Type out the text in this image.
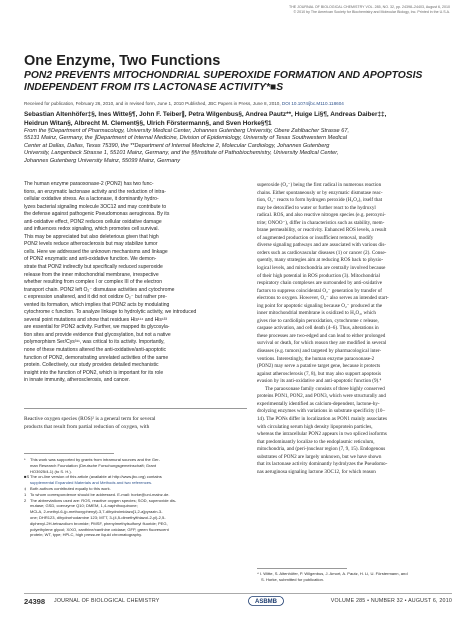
THE JOURNAL OF BIOLOGICAL CHEMISTRY VOL. 285, NO. 32, pp. 24398–24403, August 6, 2010
© 2010 by The American Society for Biochemistry and Molecular Biology, Inc. Printed in the U.S.A.
One Enzyme, Two Functions
PON2 PREVENTS MITOCHONDRIAL SUPEROXIDE FORMATION AND APOPTOSIS
INDEPENDENT FROM ITS LACTONASE ACTIVITY*■S
Received for publication, February 26, 2010, and in revised form, June 1, 2010 Published, JBC Papers in Press, June 8, 2010, DOI 10.1074/jbc.M110.118604
Sebastian Altenhöfer‡§, Ines Witte§¶, John F. Teiber∥, Petra Wilgenbus§, Andrea Pautz**, Huige Li§¶, Andreas Daiber‡‡,
Heidrun Witan§, Albrecht M. Clement§§, Ulrich Förstermann§, and Sven Horke§¶1
From the §Department of Pharmacology, University Medical Center, Johannes Gutenberg University, Obere Zahlbacher Strasse 67,
55131 Mainz, Germany, the ∥Department of Internal Medicine, Division of Epidemiology, University of Texas Southwestern Medical
Center at Dallas, Dallas, Texas 75390, the **Department of Internal Medicine 2, Molecular Cardiology, Johannes Gutenberg
University, Langenbeck Strasse 1, 55101 Mainz, Germany, and the §§Institute of Pathobiochemistry, University Medical Center,
Johannes Gutenberg University Mainz, 55099 Mainz, Germany
The human enzyme paraoxonase-2 (PON2) has two func-
tions, an enzymatic lactonase activity and the reduction of intra-
cellular oxidative stress. As a lactonase, it dominantly hydro-
lyzes bacterial signaling molecule 3OC12 and may contribute to
the defense against pathogenic Pseudomonas aeruginosa. By its
anti-oxidative effect, PON2 reduces cellular oxidative damage
and influences redox signaling, which promotes cell survival.
This may be appreciated but also deleterious given that high
PON2 levels reduce atherosclerosis but may stabilize tumor
cells. Here we addressed the unknown mechanisms and linkage
of PON2 enzymatic and anti-oxidative function. We demon-
strate that PON2 indirectly but specifically reduced superoxide
release from the inner mitochondrial membrane, irrespective
whether resulting from complex I or complex III of the electron
transport chain. PON2 left O₂⁻ dismutase activities and cytochrome
c expression unaltered, and it did not oxidize O₂⁻ but rather pre-
vented its formation, which implies that PON2 acts by modulating
cytochrome c function. To analyze linkage to hydrolytic activity, we introduced
several point mutations and show that residues His¹¹⁴ and His¹³³
are essential for PON2 activity. Further, we mapped its glycosyla-
tion sites and provide evidence that glycosylation, but not a native
polymorphism Ser/Cys³¹¹, was critical to its activity. Importantly,
none of these mutations altered the anti-oxidative/anti-apoptotic
function of PON2, demonstrating unrelated activities of the same
protein. Collectively, our study provides detailed mechanistic
insight into the function of PON2, which is important for its role
in innate immunity, atherosclerosis, and cancer.
Reactive oxygen species (ROS)² is a general term for several
products that result from partial reduction of oxygen, with
* This work was supported by grants from intramural sources and the Ger-
man Research Foundation (Deutsche Forschungsgemeinschaft; Grant
HO3925/4-1) (to S. H.).
■S The on-line version of this article (available at http://www.jbc.org) contains
supplemental Expanded Materials and Methods and two references.
‡ Both authors contributed equally to this work.
1 To whom correspondence should be addressed. E-mail: horke@uni-mainz.de.
2 The abbreviations used are: ROS, reactive oxygen species; SOD, superoxide dis-
mutase; GSD, coenzyme Q10; DMEM, 1,4-naphthoquinone;
MCLA, 2-methyl-6-(p-methoxyphenyl)-3,7-dihydroimidazo[1,2-a]pyrazin-3-
one; DHR123, dihydrorhodamine 123; MTT, 3-(4,5-dimethylthiazol-2-yl)-2,5-
diphenyl-2H-tetrazolium bromide; PMSF, phenylmethylsulfonyl fluoride; PEG,
polyethylene glycol; X/XO, xanthine/xanthine oxidase; GFP, green fluorescent
protein; WT, type; HPLC, high pressure liquid chromatography.
superoxide (O₂⁻) being the first radical in numerous reaction
chains. Either spontaneously or by enzymatic dismutase reac-
tion, O₂⁻ reacts to form hydrogen peroxide (H₂O₂), itself that
may be detoxified to water or further react to the hydroxyl
radical. ROS, and also reactive nitrogen species (e.g. peroxyni-
trite; ONOO⁻), differ in characteristics such as stability, mem-
brane permeability, or reactivity. Enhanced ROS levels, a result
of augmented production or insufficient removal, modify
diverse signaling pathways and are associated with various dis-
orders such as cardiovascular diseases (1) or cancer (2). Conse-
quently, many strategies aim at reducing ROS back to physio-
logical levels, and mitochondria are centrally involved because
of their high potential in ROS production (3). Mitochondrial
respiratory chain complexes are surrounded by anti-oxidative
factors to suppress coincidental O₂⁻ generation by transfer of
electrons to oxygen. However, O₂⁻ also serves an intended start-
ing point for apoptotic signaling because O₂⁻ produced at the
inner mitochondrial membrane is oxidized to H₂O₂, which
gives rise to cardiolipin peroxidation, cytochrome c release,
caspase activation, and cell death (4–6). Thus, alterations in
these processes are two-edged and can lead to either prolonged
survival or death, for which reason they are modified in several
diseases (e.g. tumors) and targeted by pharmacological inter-
ventions. Interestingly, the human enzyme paraoxonase-2
(PON2) may serve a putative target gene, because it protects
against atherosclerosis (7, 8), but may also support apoptosis
evasion by its anti-oxidative and anti-apoptotic function (9).⁴
The paraoxonase family consists of three highly conserved
proteins PON1, PON2, and PON3, which were structurally and
experimentally identified as calcium-dependent, lactone-hy-
drolyzing enzymes with variations in substrate specificity (10–
14). The PONs differ in localization as PON1 mainly associates
with circulating serum high density lipoprotein particles,
whereas the intracellular PON2 appears in two spliced isoforms
that predominantly localize to the endoplasmic reticulum,
mitochondria, and (peri-)nuclear region (7, 9, 15). Endogenous
substrates of PON2 are largely unknown, but we have shown
that its lactonase activity dominantly hydrolyzes the Pseudomo-
nas aeruginosa signaling lactone 3OC12, for which reason
⁴ I. Witte, S. Altenhöfer, P. Wilgenbus, J. Amort, A. Pautz, H. Li, U. Förstermann, and
S. Horke, submitted for publication.
24398 JOURNAL OF BIOLOGICAL CHEMISTRY	ASBMB	VOLUME 285 • NUMBER 32 • AUGUST 6, 2010
